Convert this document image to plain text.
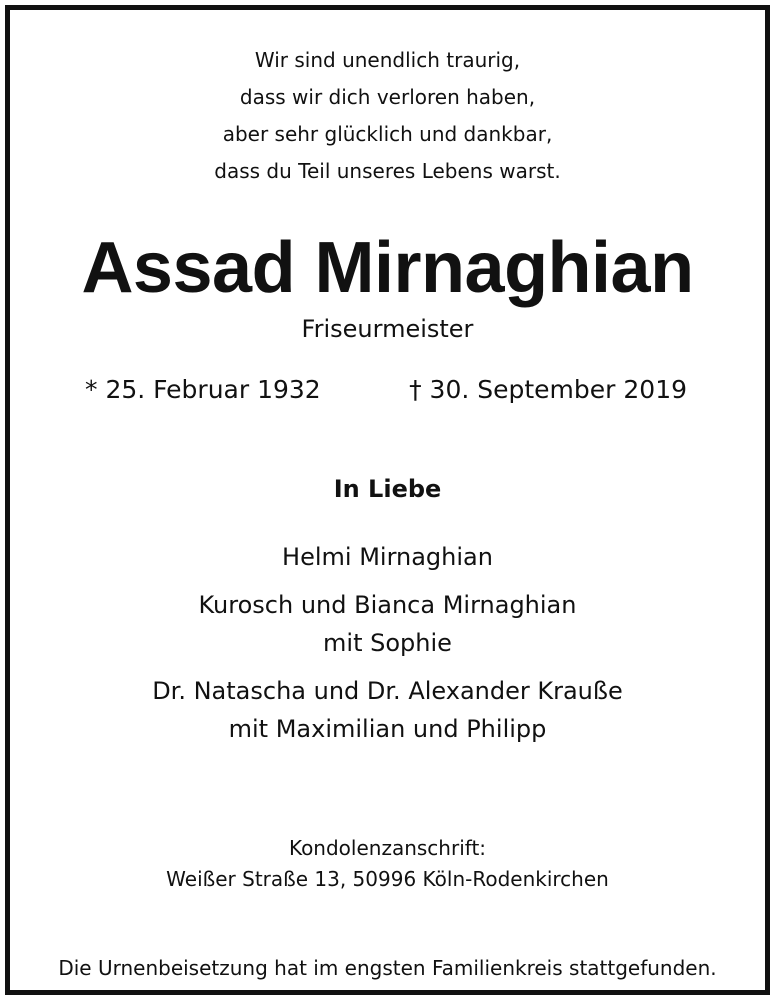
Wir sind unendlich traurig,
dass wir dich verloren haben,
aber sehr glücklich und dankbar,
dass du Teil unseres Lebens warst.
Assad Mirnaghian
Friseurmeister
* 25. Februar 1932	† 30. September 2019
In Liebe
Helmi Mirnaghian
Kurosch und Bianca Mirnaghian
mit Sophie
Dr. Natascha und Dr. Alexander Krauße
mit Maximilian und Philipp
Kondolenzanschrift:
Weißer Straße 13, 50996 Köln-Rodenkirchen
Die Urnenbeisetzung hat im engsten Familienkreis stattgefunden.
